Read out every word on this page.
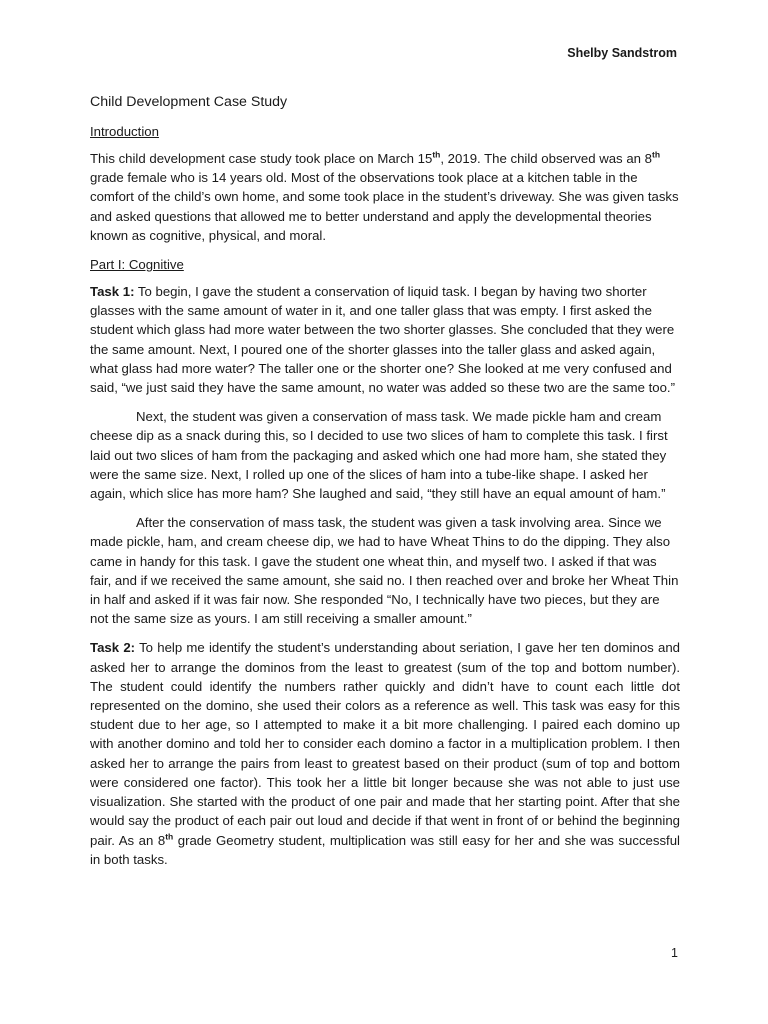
Shelby Sandstrom
Child Development Case Study
Introduction

This child development case study took place on March 15th, 2019. The child observed was an 8th grade female who is 14 years old. Most of the observations took place at a kitchen table in the comfort of the child’s own home, and some took place in the student’s driveway. She was given tasks and asked questions that allowed me to better understand and apply the developmental theories known as cognitive, physical, and moral.

Part I: Cognitive

Task 1: To begin, I gave the student a conservation of liquid task. I began by having two shorter glasses with the same amount of water in it, and one taller glass that was empty. I first asked the student which glass had more water between the two shorter glasses. She concluded that they were the same amount. Next, I poured one of the shorter glasses into the taller glass and asked again, what glass had more water? The taller one or the shorter one? She looked at me very confused and said, “we just said they have the same amount, no water was added so these two are the same too.”

Next, the student was given a conservation of mass task. We made pickle ham and cream cheese dip as a snack during this, so I decided to use two slices of ham to complete this task. I first laid out two slices of ham from the packaging and asked which one had more ham, she stated they were the same size. Next, I rolled up one of the slices of ham into a tube-like shape. I asked her again, which slice has more ham? She laughed and said, “they still have an equal amount of ham.”

After the conservation of mass task, the student was given a task involving area. Since we made pickle, ham, and cream cheese dip, we had to have Wheat Thins to do the dipping. They also came in handy for this task. I gave the student one wheat thin, and myself two. I asked if that was fair, and if we received the same amount, she said no. I then reached over and broke her Wheat Thin in half and asked if it was fair now. She responded “No, I technically have two pieces, but they are not the same size as yours. I am still receiving a smaller amount.”

Task 2: To help me identify the student’s understanding about seriation, I gave her ten dominos and asked her to arrange the dominos from the least to greatest (sum of the top and bottom number). The student could identify the numbers rather quickly and didn’t have to count each little dot represented on the domino, she used their colors as a reference as well. This task was easy for this student due to her age, so I attempted to make it a bit more challenging. I paired each domino up with another domino and told her to consider each domino a factor in a multiplication problem. I then asked her to arrange the pairs from least to greatest based on their product (sum of top and bottom were considered one factor). This took her a little bit longer because she was not able to just use visualization. She started with the product of one pair and made that her starting point. After that she would say the product of each pair out loud and decide if that went in front of or behind the beginning pair. As an 8th grade Geometry student, multiplication was still easy for her and she was successful in both tasks.

1
